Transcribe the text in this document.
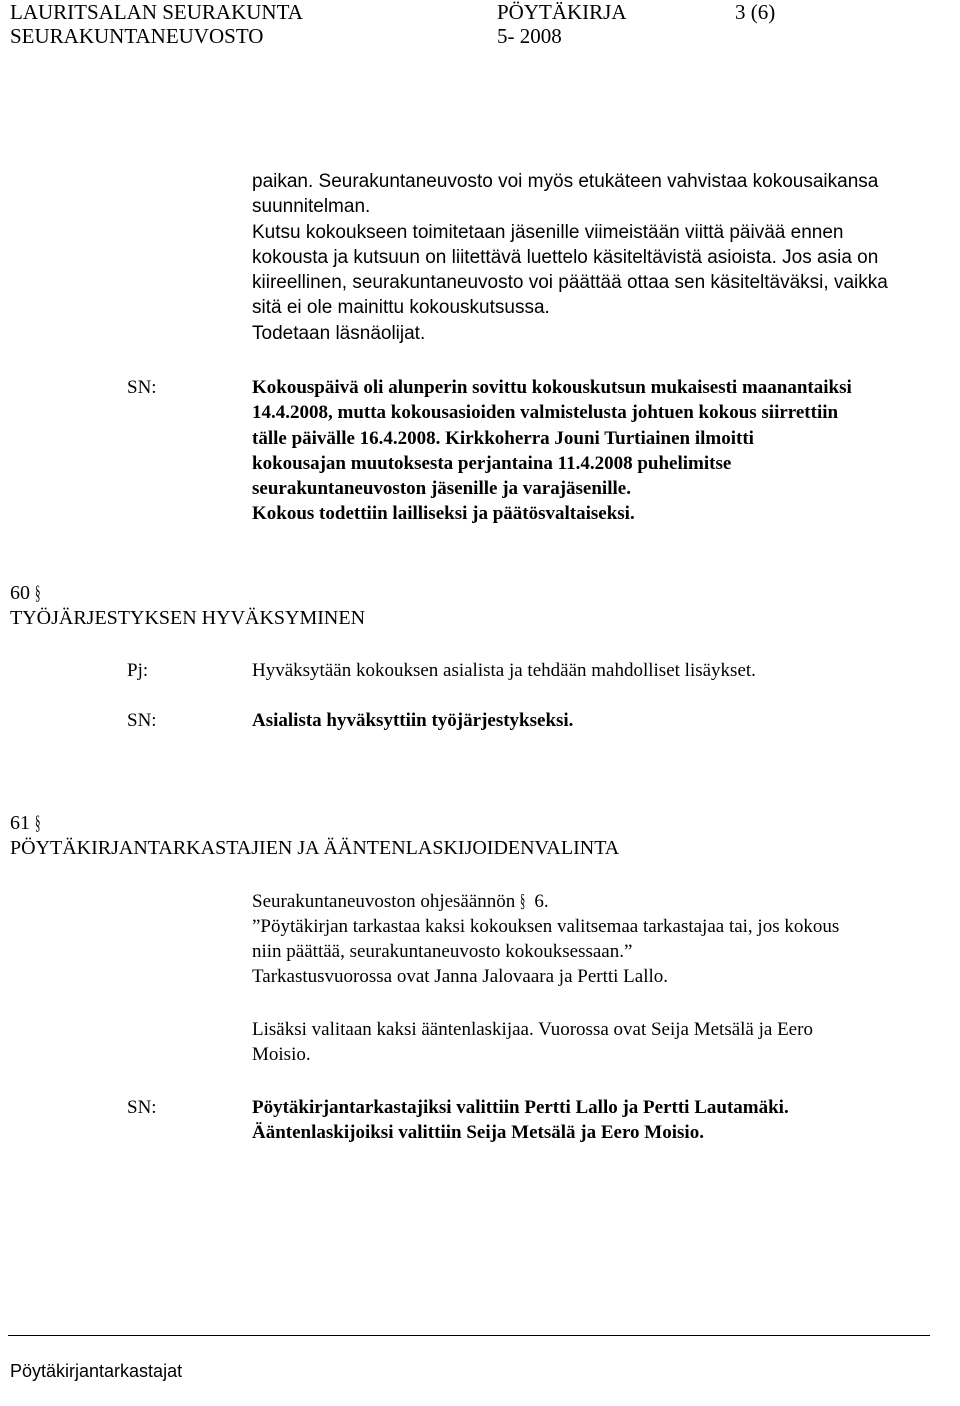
LAURITSALAN SEURAKUNTA
SEURAKUNTANEUVOSTO
PÖYTÄKIRJA
5- 2008
3 (6)
paikan. Seurakuntaneuvosto voi myös etukäteen vahvistaa kokousaikansa
suunnitelman.
Kutsu kokoukseen toimitetaan jäsenille viimeistään viittä päivää ennen
kokousta ja kutsuun on liitettävä luettelo käsiteltävistä asioista. Jos asia on
kiireellinen, seurakuntaneuvosto voi päättää ottaa sen käsiteltäväksi, vaikka
sitä ei ole mainittu kokouskutsussa.
Todetaan läsnäolijat.
SN:	Kokouspäivä oli alunperin sovittu kokouskutsun mukaisesti maanantaiksi
14.4.2008, mutta kokousasioiden valmistelusta johtuen kokous siirrettiin
tälle päivälle 16.4.2008. Kirkkoherra Jouni Turtiainen ilmoitti
kokousajan muutoksesta perjantaina 11.4.2008 puhelimitse
seurakuntaneuvoston jäsenille ja varajäsenille.
Kokous todettiin lailliseksi ja päätösvaltaiseksi.
60 §
TYÖJÄRJESTYKSEN HYVÄKSYMINEN
Pj:	Hyväksytään kokouksen asialista ja tehdään mahdolliset lisäykset.
SN:	Asialista hyväksyttiin työjärjestykseksi.
61 §
PÖYTÄKIRJANTARKASTAJIEN JA ÄÄNTENLASKIJOIDENVALINTA
Seurakuntaneuvoston ohjesäännön § 6.
”Pöytäkirjan tarkastaa kaksi kokouksen valitsemaa tarkastajaa tai, jos kokous
niin päättää, seurakuntaneuvosto kokouksessaan.”
Tarkastusvuorossa ovat Janna Jalovaara ja Pertti Lallo.
Lisäksi valitaan kaksi ääntenlaskijaa. Vuorossa ovat Seija Metsälä ja Eero
Moisio.
SN:	Pöytäkirjantarkastajiksi valittiin Pertti Lallo ja Pertti Lautamäki.
Ääntenlaskijoiksi valittiin Seija Metsälä ja Eero Moisio.
Pöytäkirjantarkastajat
